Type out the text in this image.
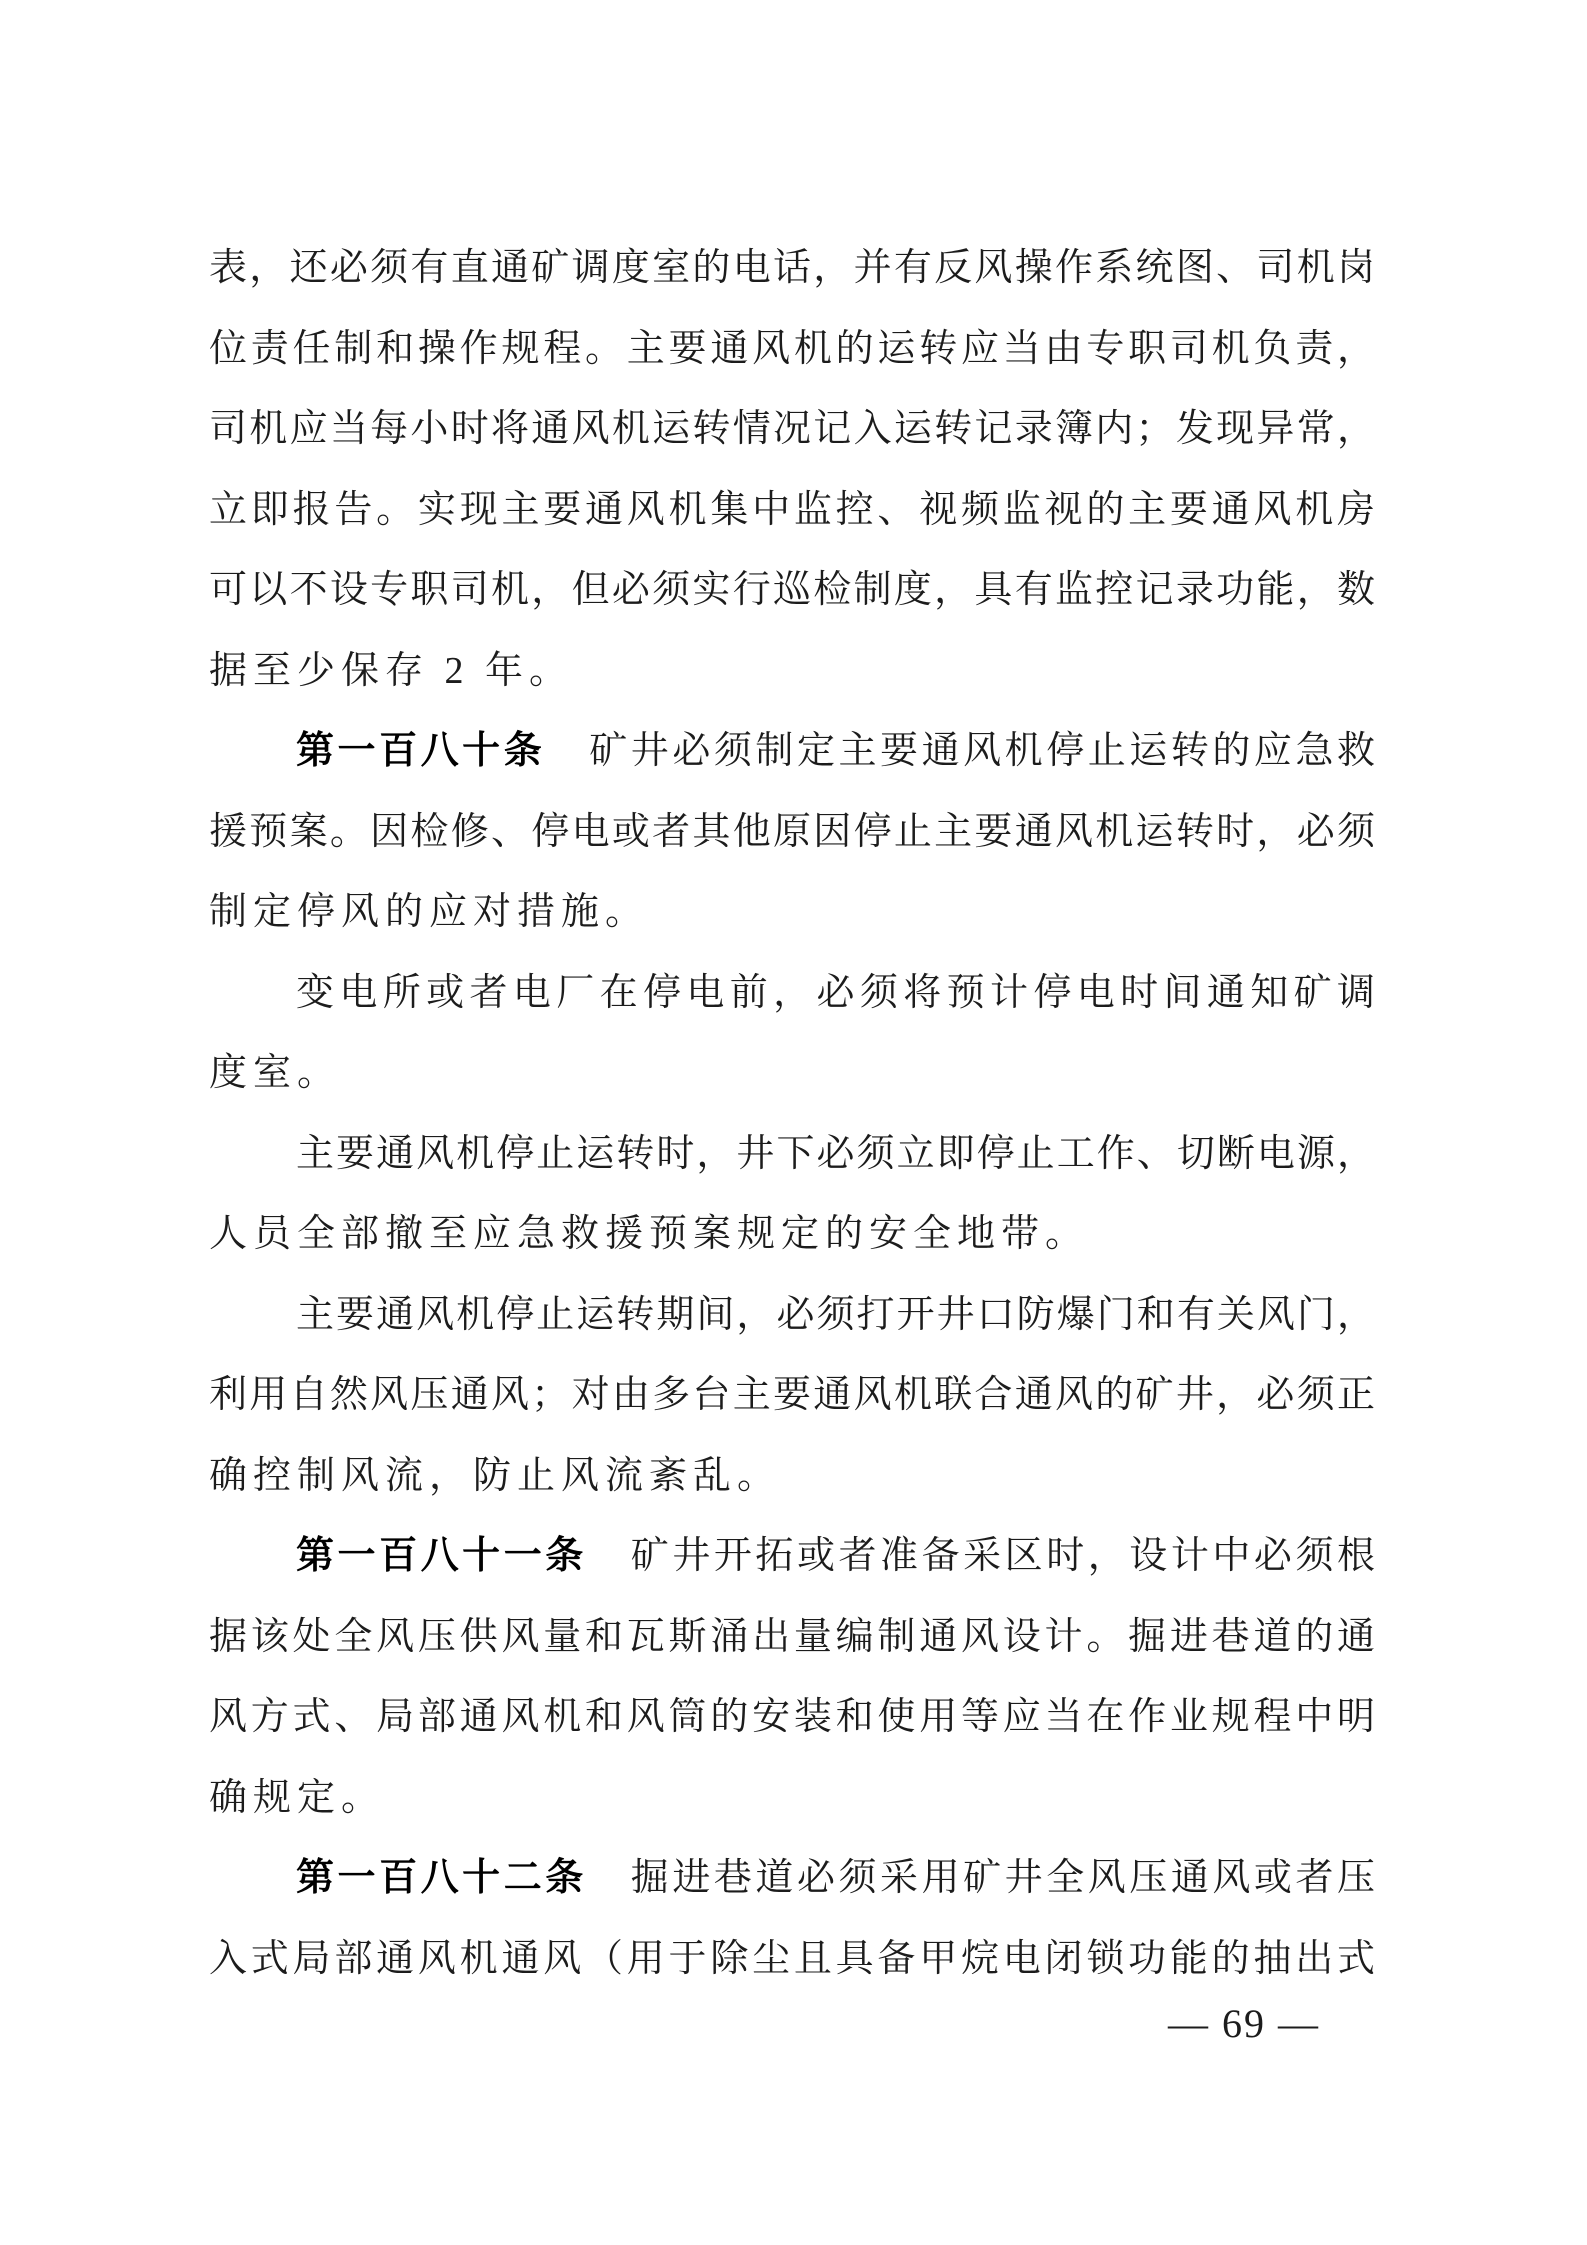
表，还必须有直通矿调度室的电话，并有反风操作系统图、司机岗
位责任制和操作规程。主要通风机的运转应当由专职司机负责，
司机应当每小时将通风机运转情况记入运转记录簿内；发现异常，
立即报告。实现主要通风机集中监控、视频监视的主要通风机房
可以不设专职司机，但必须实行巡检制度，具有监控记录功能，数
据至少保存 2 年。
第一百八十条 矿井必须制定主要通风机停止运转的应急救
援预案。因检修、停电或者其他原因停止主要通风机运转时，必须
制定停风的应对措施。
变电所或者电厂在停电前，必须将预计停电时间通知矿调
度室。
主要通风机停止运转时，井下必须立即停止工作、切断电源，
人员全部撤至应急救援预案规定的安全地带。
主要通风机停止运转期间，必须打开井口防爆门和有关风门，
利用自然风压通风；对由多台主要通风机联合通风的矿井，必须正
确控制风流，防止风流紊乱。
第一百八十一条 矿井开拓或者准备采区时，设计中必须根
据该处全风压供风量和瓦斯涌出量编制通风设计。掘进巷道的通
风方式、局部通风机和风筒的安装和使用等应当在作业规程中明
确规定。
第一百八十二条 掘进巷道必须采用矿井全风压通风或者压
入式局部通风机通风（用于除尘且具备甲烷电闭锁功能的抽出式
— 69 —
